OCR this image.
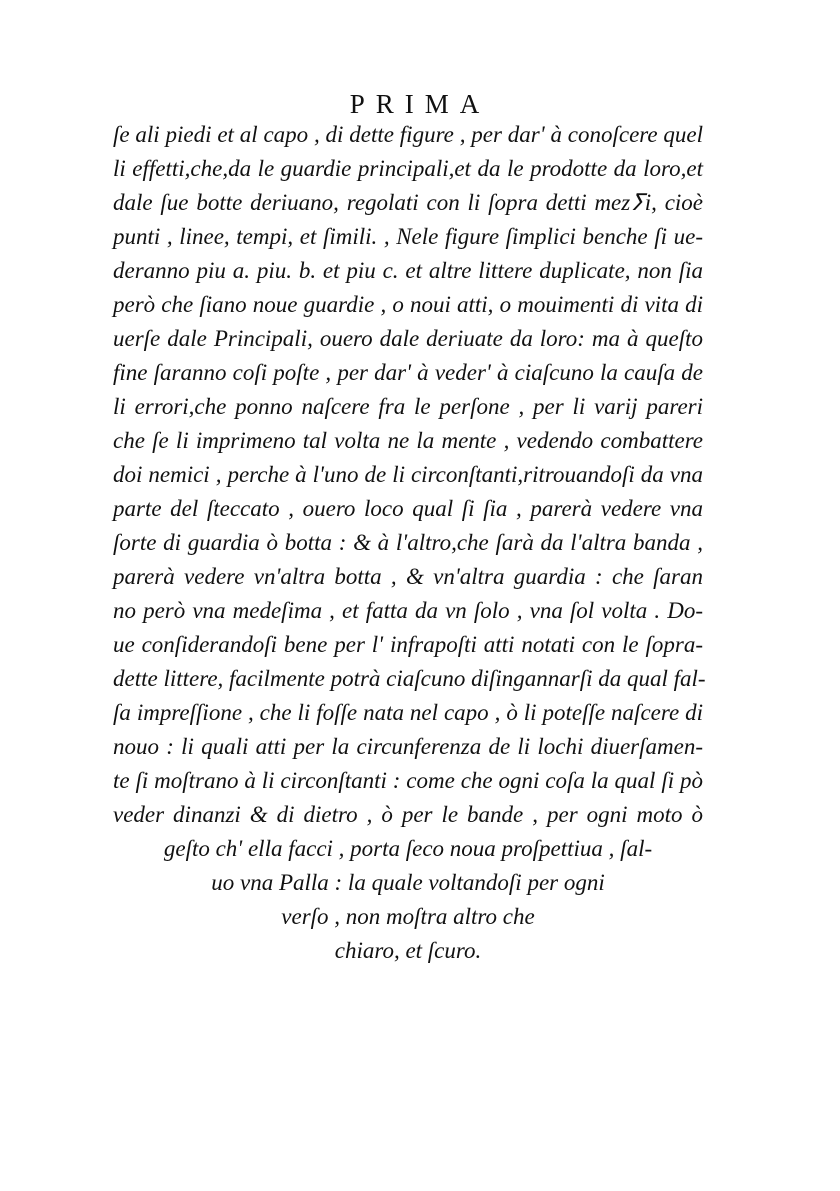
PRIMA
ſe ali piedi et al capo , di dette figure , per dar' à conoſcere quel
li effetti,che,da le guardie principali,et da le prodotte da loro,et
dale ſue botte deriuano, regolati con li ſopra detti mezⵢi, cioè
punti , linee, tempi, et ſimili. , Nele figure ſimplici benche ſi ue-
deranno piu a. piu. b. et piu c. et altre littere duplicate, non ſia
però che ſiano noue guardie , o noui atti, o mouimenti di vita di
uerſe dale Principali, ouero dale deriuate da loro: ma à queſto
fine ſaranno coſi poſte , per dar' à veder' à ciaſcuno la cauſa de
li errori,che ponno naſcere fra le perſone , per li varij pareri
che ſe li imprimeno tal volta ne la mente , vedendo combattere
doi nemici , perche à l'uno de li circonſtanti,ritrouandoſi da vna
parte del ſteccato , ouero loco qual ſi ſia , parerà vedere vna
ſorte di guardia ò botta : & à l'altro,che ſarà da l'altra banda ,
parerà vedere vn'altra botta , & vn'altra guardia : che ſaran
no però vna medeſima , et fatta da vn ſolo , vna ſol volta . Do-
ue conſiderandoſi bene per l' infrapoſti atti notati con le ſopra-
dette littere, facilmente potrà ciaſcuno diſingannarſi da qual fal-
ſa impreſſione , che li foſſe nata nel capo , ò li poteſſe naſcere di
nouo : li quali atti per la circunferenza de li lochi diuerſamen-
te ſi moſtrano à li circonſtanti : come che ogni coſa la qual ſi pò
veder dinanzi & di dietro , ò per le bande , per ogni moto ò
geſto ch' ella facci , porta ſeco noua proſpettiua , ſal-
uo vna Palla : la quale voltandoſi per ogni
verſo , non moſtra altro che
chiaro, et ſcuro.
